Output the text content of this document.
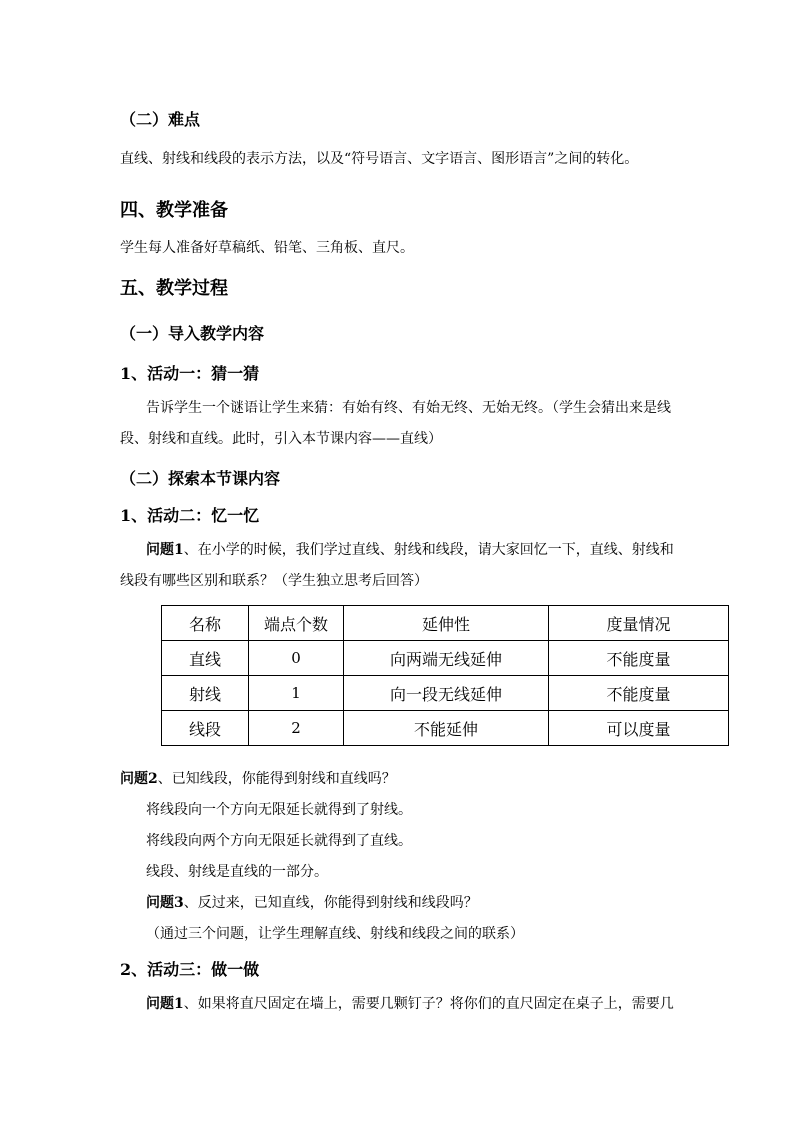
（二）难点
直线、射线和线段的表示方法，以及“符号语言、文字语言、图形语言”之间的转化。
四、教学准备
学生每人准备好草稿纸、铅笔、三角板、直尺。
五、教学过程
（一）导入教学内容
1、活动一：猜一猜
告诉学生一个谜语让学生来猜：有始有终、有始无终、无始无终。（学生会猜出来是线
段、射线和直线。此时，引入本节课内容——直线）
（二）探索本节课内容
1、活动二：忆一忆
问题1、在小学的时候，我们学过直线、射线和线段，请大家回忆一下，直线、射线和
线段有哪些区别和联系？（学生独立思考后回答）
名称	端点个数	延伸性	度量情况
直线	0	向两端无线延伸	不能度量
射线	1	向一段无线延伸	不能度量
线段	2	不能延伸	可以度量
问题2、已知线段，你能得到射线和直线吗？
将线段向一个方向无限延长就得到了射线。
将线段向两个方向无限延长就得到了直线。
线段、射线是直线的一部分。
问题3、反过来，已知直线，你能得到射线和线段吗？
（通过三个问题，让学生理解直线、射线和线段之间的联系）
2、活动三：做一做
问题1、如果将直尺固定在墙上，需要几颗钉子？将你们的直尺固定在桌子上，需要几
